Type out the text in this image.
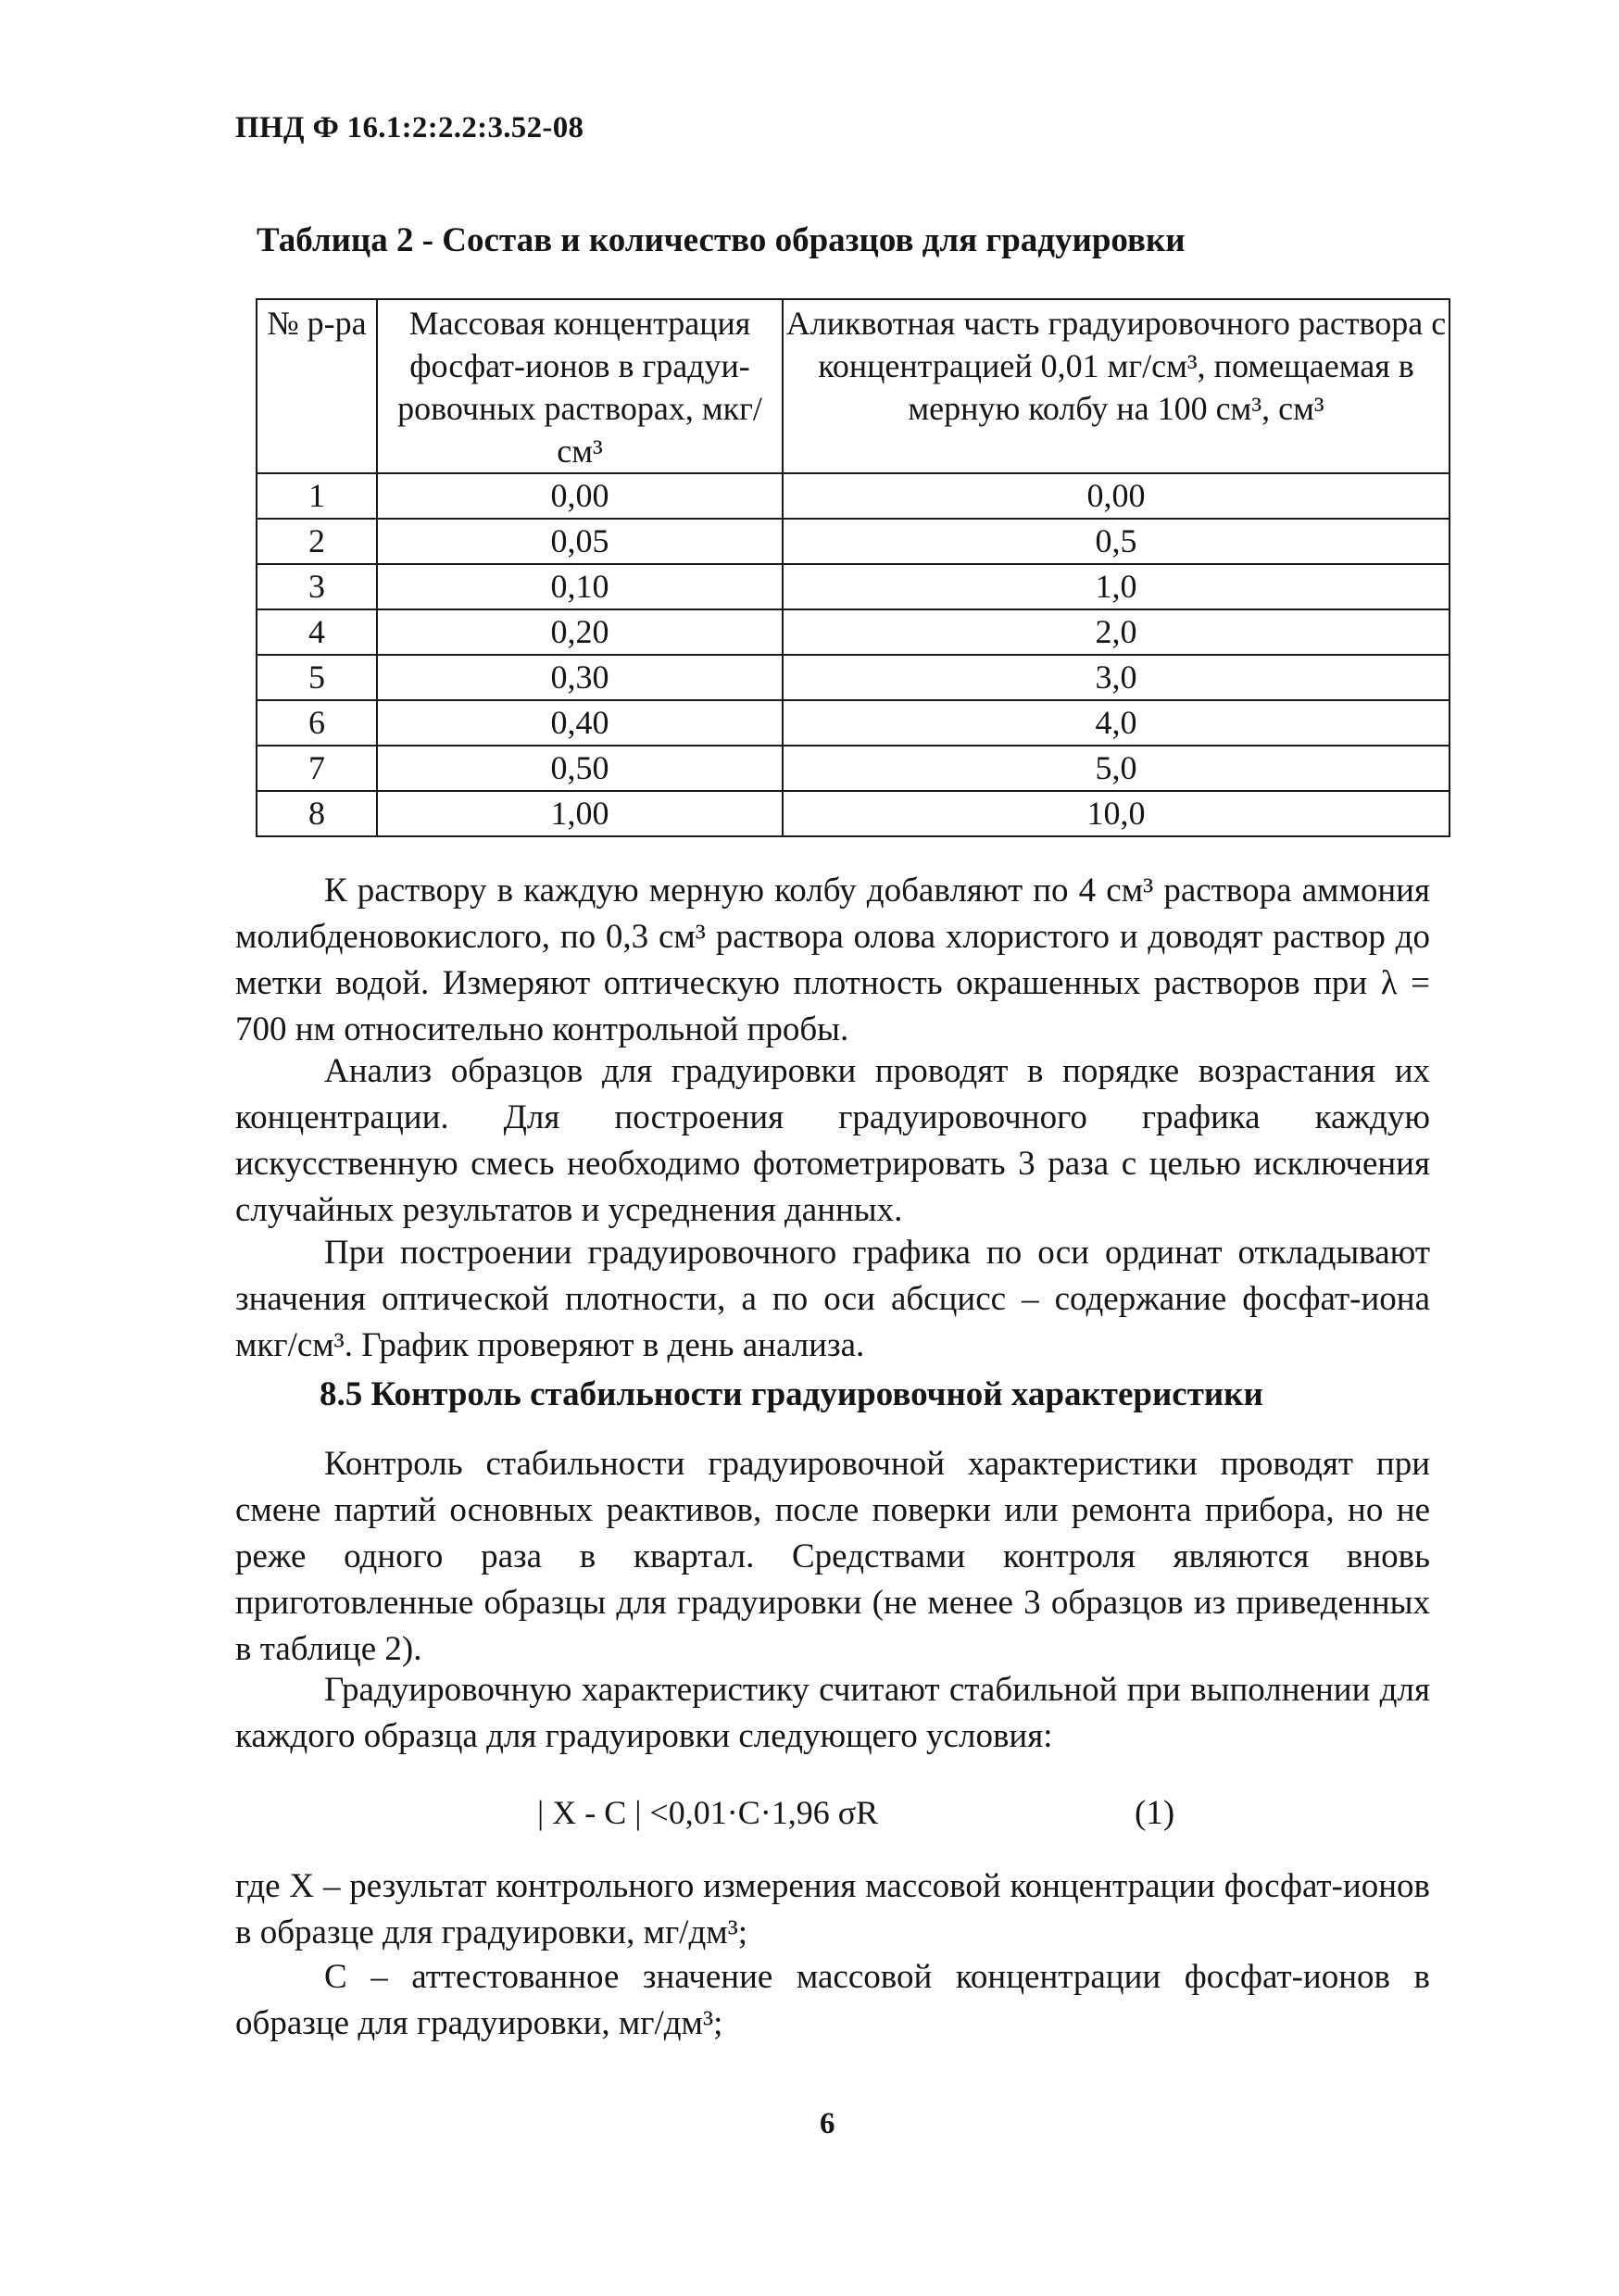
ПНД Ф 16.1:2:2.2:3.52-08
Таблица 2 - Состав и количество образцов для градуировки
№ р-ра	Массовая концентрация фосфат-ионов в градуи-ровочных растворах, мкг/см³	Аликвотная часть градуировочного раствора с концентрацией 0,01 мг/см³, помещаемая в мерную колбу на 100 см³, см³
1	0,00	0,00
2	0,05	0,5
3	0,10	1,0
4	0,20	2,0
5	0,30	3,0
6	0,40	4,0
7	0,50	5,0
8	1,00	10,0

К раствору в каждую мерную колбу добавляют по 4 см³ раствора аммония молибденовокислого, по 0,3 см³ раствора олова хлористого и доводят раствор до метки водой. Измеряют оптическую плотность окрашенных растворов при λ = 700 нм относительно контрольной пробы.

Анализ образцов для градуировки проводят в порядке возрастания их концентрации. Для построения градуировочного графика каждую искусственную смесь необходимо фотометрировать 3 раза с целью исключения случайных результатов и усреднения данных.

При построении градуировочного графика по оси ординат откладывают значения оптической плотности, а по оси абсцисс – содержание фосфат-иона мкг/см³. График проверяют в день анализа.

8.5 Контроль стабильности градуировочной характеристики

Контроль стабильности градуировочной характеристики проводят при смене партий основных реактивов, после поверки или ремонта прибора, но не реже одного раза в квартал. Средствами контроля являются вновь приготовленные образцы для градуировки (не менее 3 образцов из приведенных в таблице 2).

Градуировочную характеристику считают стабильной при выполнении для каждого образца для градуировки следующего условия:

| X - C | <0,01·C·1,96 σR	(1)

где X – результат контрольного измерения массовой концентрации фосфат-ионов в образце для градуировки, мг/дм³;

C – аттестованное значение массовой концентрации фосфат-ионов в образце для градуировки, мг/дм³;

6
